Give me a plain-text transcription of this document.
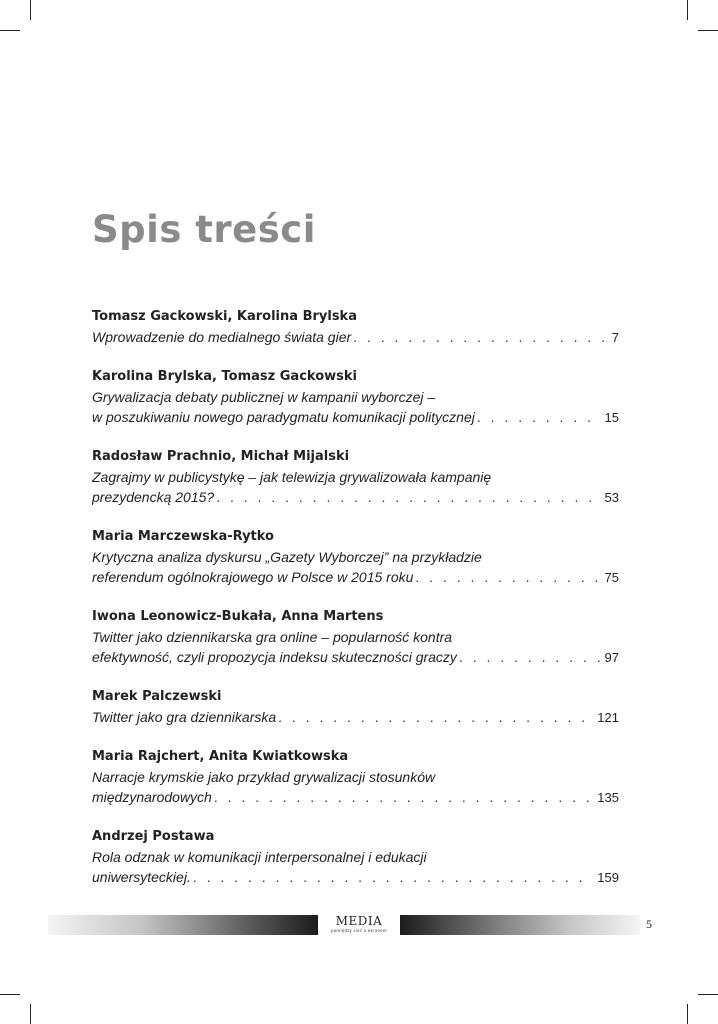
Spis treści
Tomasz Gackowski, Karolina Brylska
Wprowadzenie do medialnego świata gier . . .	7
Karolina Brylska, Tomasz Gackowski
Grywalizacja debaty publicznej w kampanii wyborczej –
w poszukiwaniu nowego paradygmatu komunikacji politycznej . . .	15
Radosław Prachnio, Michał Mijalski
Zagrajmy w publicystykę – jak telewizja grywalizowała kampanię
prezydencką 2015? . . .	53
Maria Marczewska-Rytko
Krytyczna analiza dyskursu „Gazety Wyborczej” na przykładzie
referendum ogólnokrajowego w Polsce w 2015 roku . . .	75
Iwona Leonowicz-Bukała, Anna Martens
Twitter jako dziennikarska gra online – popularność kontra
efektywność, czyli propozycja indeksu skuteczności graczy . . .	97
Marek Palczewski
Twitter jako gra dziennikarska . . .	121
Maria Rajchert, Anita Kwiatkowska
Narracje krymskie jako przykład grywalizacji stosunków
międzynarodowych . . .	135
Andrzej Postawa
Rola odznak w komunikacji interpersonalnej i edukacji
uniwersyteckiej. . . .	159
MEDIA
pomiędzy sieć a ekranem	5
